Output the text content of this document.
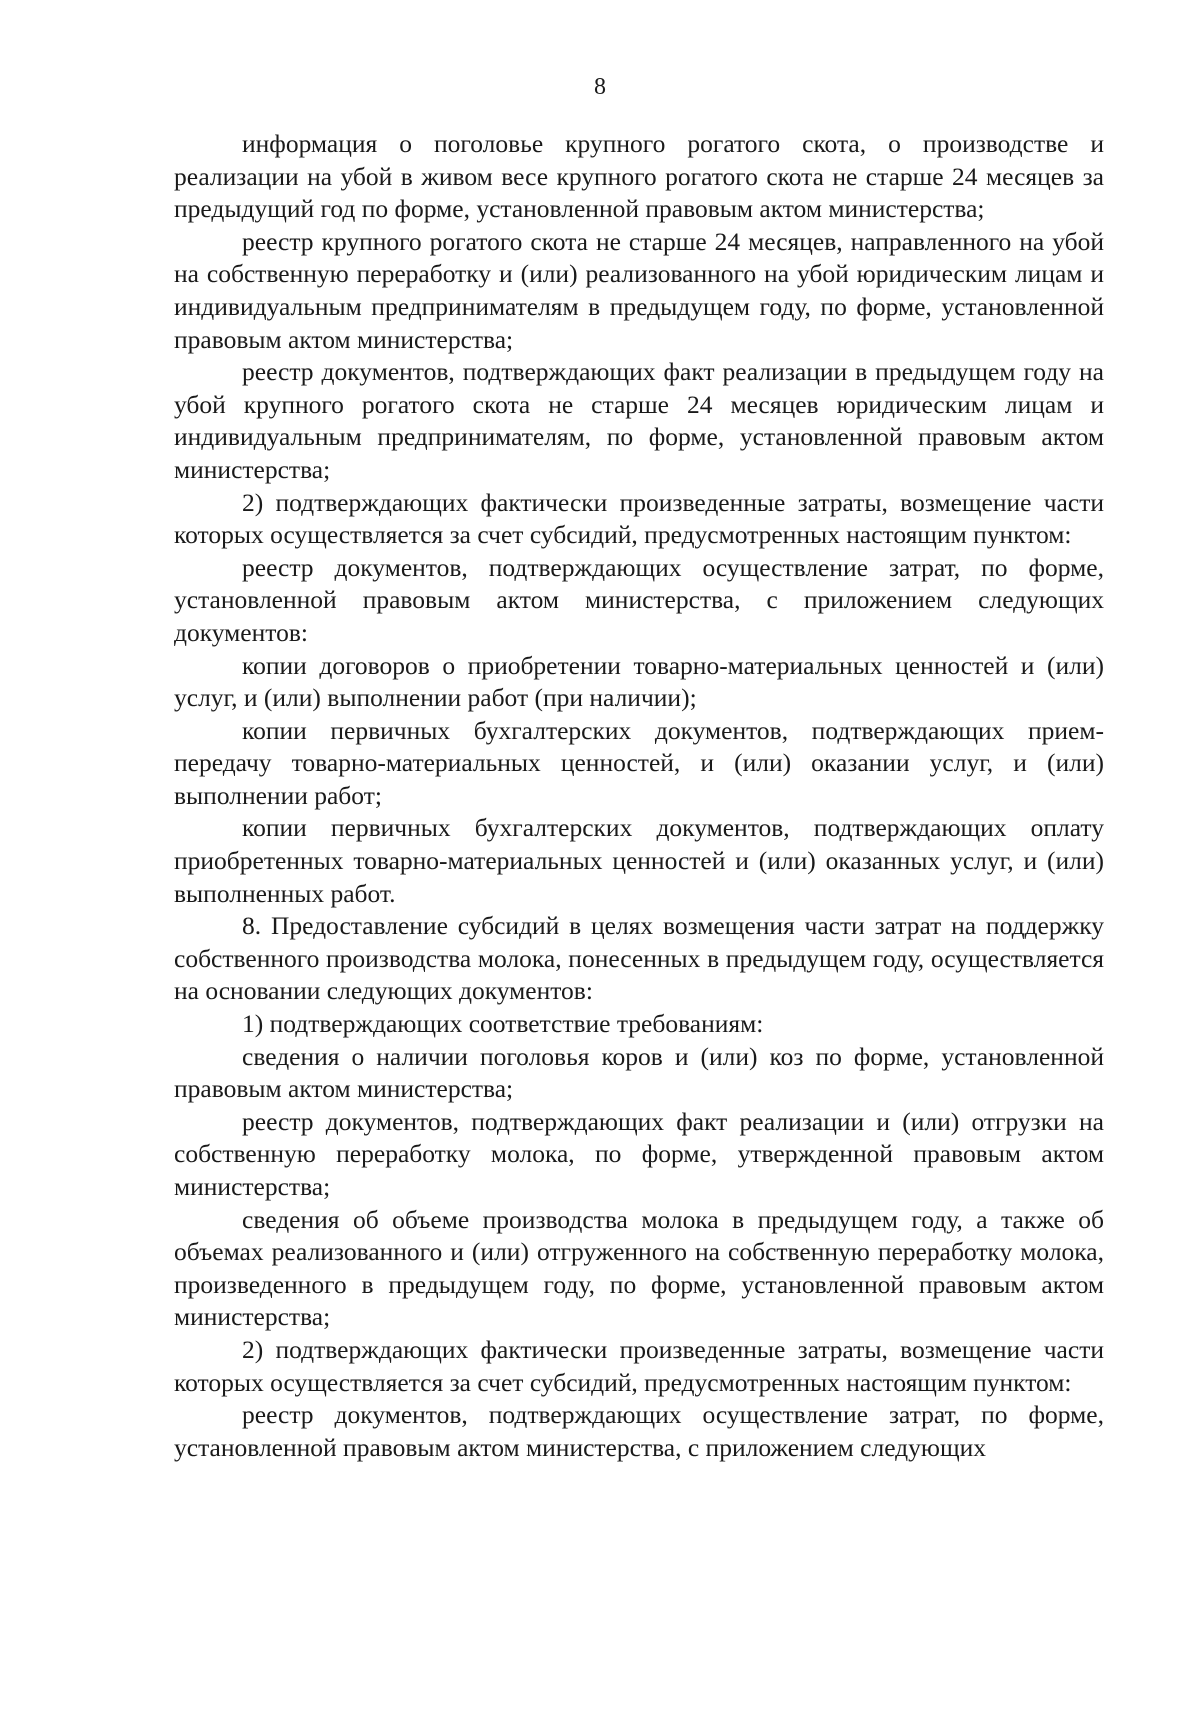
8

информация о поголовье крупного рогатого скота, о производстве и реализации на убой в живом весе крупного рогатого скота не старше 24 месяцев за предыдущий год по форме, установленной правовым актом министерства;

реестр крупного рогатого скота не старше 24 месяцев, направленного на убой на собственную переработку и (или) реализованного на убой юридическим лицам и индивидуальным предпринимателям в предыдущем году, по форме, установленной правовым актом министерства;

реестр документов, подтверждающих факт реализации в предыдущем году на убой крупного рогатого скота не старше 24 месяцев юридическим лицам и индивидуальным предпринимателям, по форме, установленной правовым актом министерства;

2) подтверждающих фактически произведенные затраты, возмещение части которых осуществляется за счет субсидий, предусмотренных настоящим пунктом:

реестр документов, подтверждающих осуществление затрат, по форме, установленной правовым актом министерства, с приложением следующих документов:

копии договоров о приобретении товарно-материальных ценностей и (или) услуг, и (или) выполнении работ (при наличии);

копии первичных бухгалтерских документов, подтверждающих прием-передачу товарно-материальных ценностей, и (или) оказании услуг, и (или) выполнении работ;

копии первичных бухгалтерских документов, подтверждающих оплату приобретенных товарно-материальных ценностей и (или) оказанных услуг, и (или) выполненных работ.

8. Предоставление субсидий в целях возмещения части затрат на поддержку собственного производства молока, понесенных в предыдущем году, осуществляется на основании следующих документов:

1) подтверждающих соответствие требованиям:

сведения о наличии поголовья коров и (или) коз по форме, установленной правовым актом министерства;

реестр документов, подтверждающих факт реализации и (или) отгрузки на собственную переработку молока, по форме, утвержденной правовым актом министерства;

сведения об объеме производства молока в предыдущем году, а также об объемах реализованного и (или) отгруженного на собственную переработку молока, произведенного в предыдущем году, по форме, установленной правовым актом министерства;

2) подтверждающих фактически произведенные затраты, возмещение части которых осуществляется за счет субсидий, предусмотренных настоящим пунктом:

реестр документов, подтверждающих осуществление затрат, по форме, установленной правовым актом министерства, с приложением следующих
